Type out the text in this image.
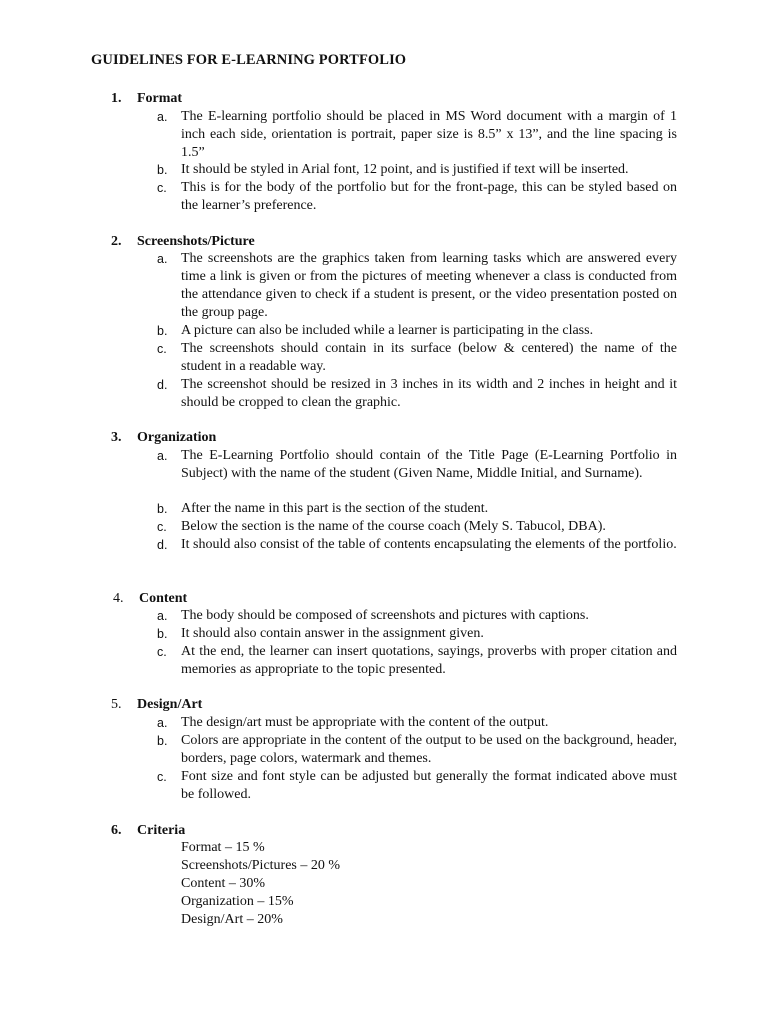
GUIDELINES FOR E-LEARNING PORTFOLIO
1. Format
a. The E-learning portfolio should be placed in MS Word document with a margin of 1 inch each side, orientation is portrait, paper size is 8.5” x 13”, and the line spacing is 1.5”
b. It should be styled in Arial font, 12 point, and is justified if text will be inserted.
c. This is for the body of the portfolio but for the front-page, this can be styled based on the learner’s preference.
2. Screenshots/Picture
a. The screenshots are the graphics taken from learning tasks which are answered every time a link is given or from the pictures of meeting whenever a class is conducted from the attendance given to check if a student is present, or the video presentation posted on the group page.
b. A picture can also be included while a learner is participating in the class.
c. The screenshots should contain in its surface (below & centered) the name of the student in a readable way.
d. The screenshot should be resized in 3 inches in its width and 2 inches in height and it should be cropped to clean the graphic.
3. Organization
a. The E-Learning Portfolio should contain of the Title Page (E-Learning Portfolio in Subject) with the name of the student (Given Name, Middle Initial, and Surname).
b. After the name in this part is the section of the student.
c. Below the section is the name of the course coach (Mely S. Tabucol, DBA).
d. It should also consist of the table of contents encapsulating the elements of the portfolio.
4. Content
a. The body should be composed of screenshots and pictures with captions.
b. It should also contain answer in the assignment given.
c. At the end, the learner can insert quotations, sayings, proverbs with proper citation and memories as appropriate to the topic presented.
5. Design/Art
a. The design/art must be appropriate with the content of the output.
b. Colors are appropriate in the content of the output to be used on the background, header, borders, page colors, watermark and themes.
c. Font size and font style can be adjusted but generally the format indicated above must be followed.
6. Criteria
Format – 15 %
Screenshots/Pictures – 20 %
Content – 30%
Organization – 15%
Design/Art – 20%
